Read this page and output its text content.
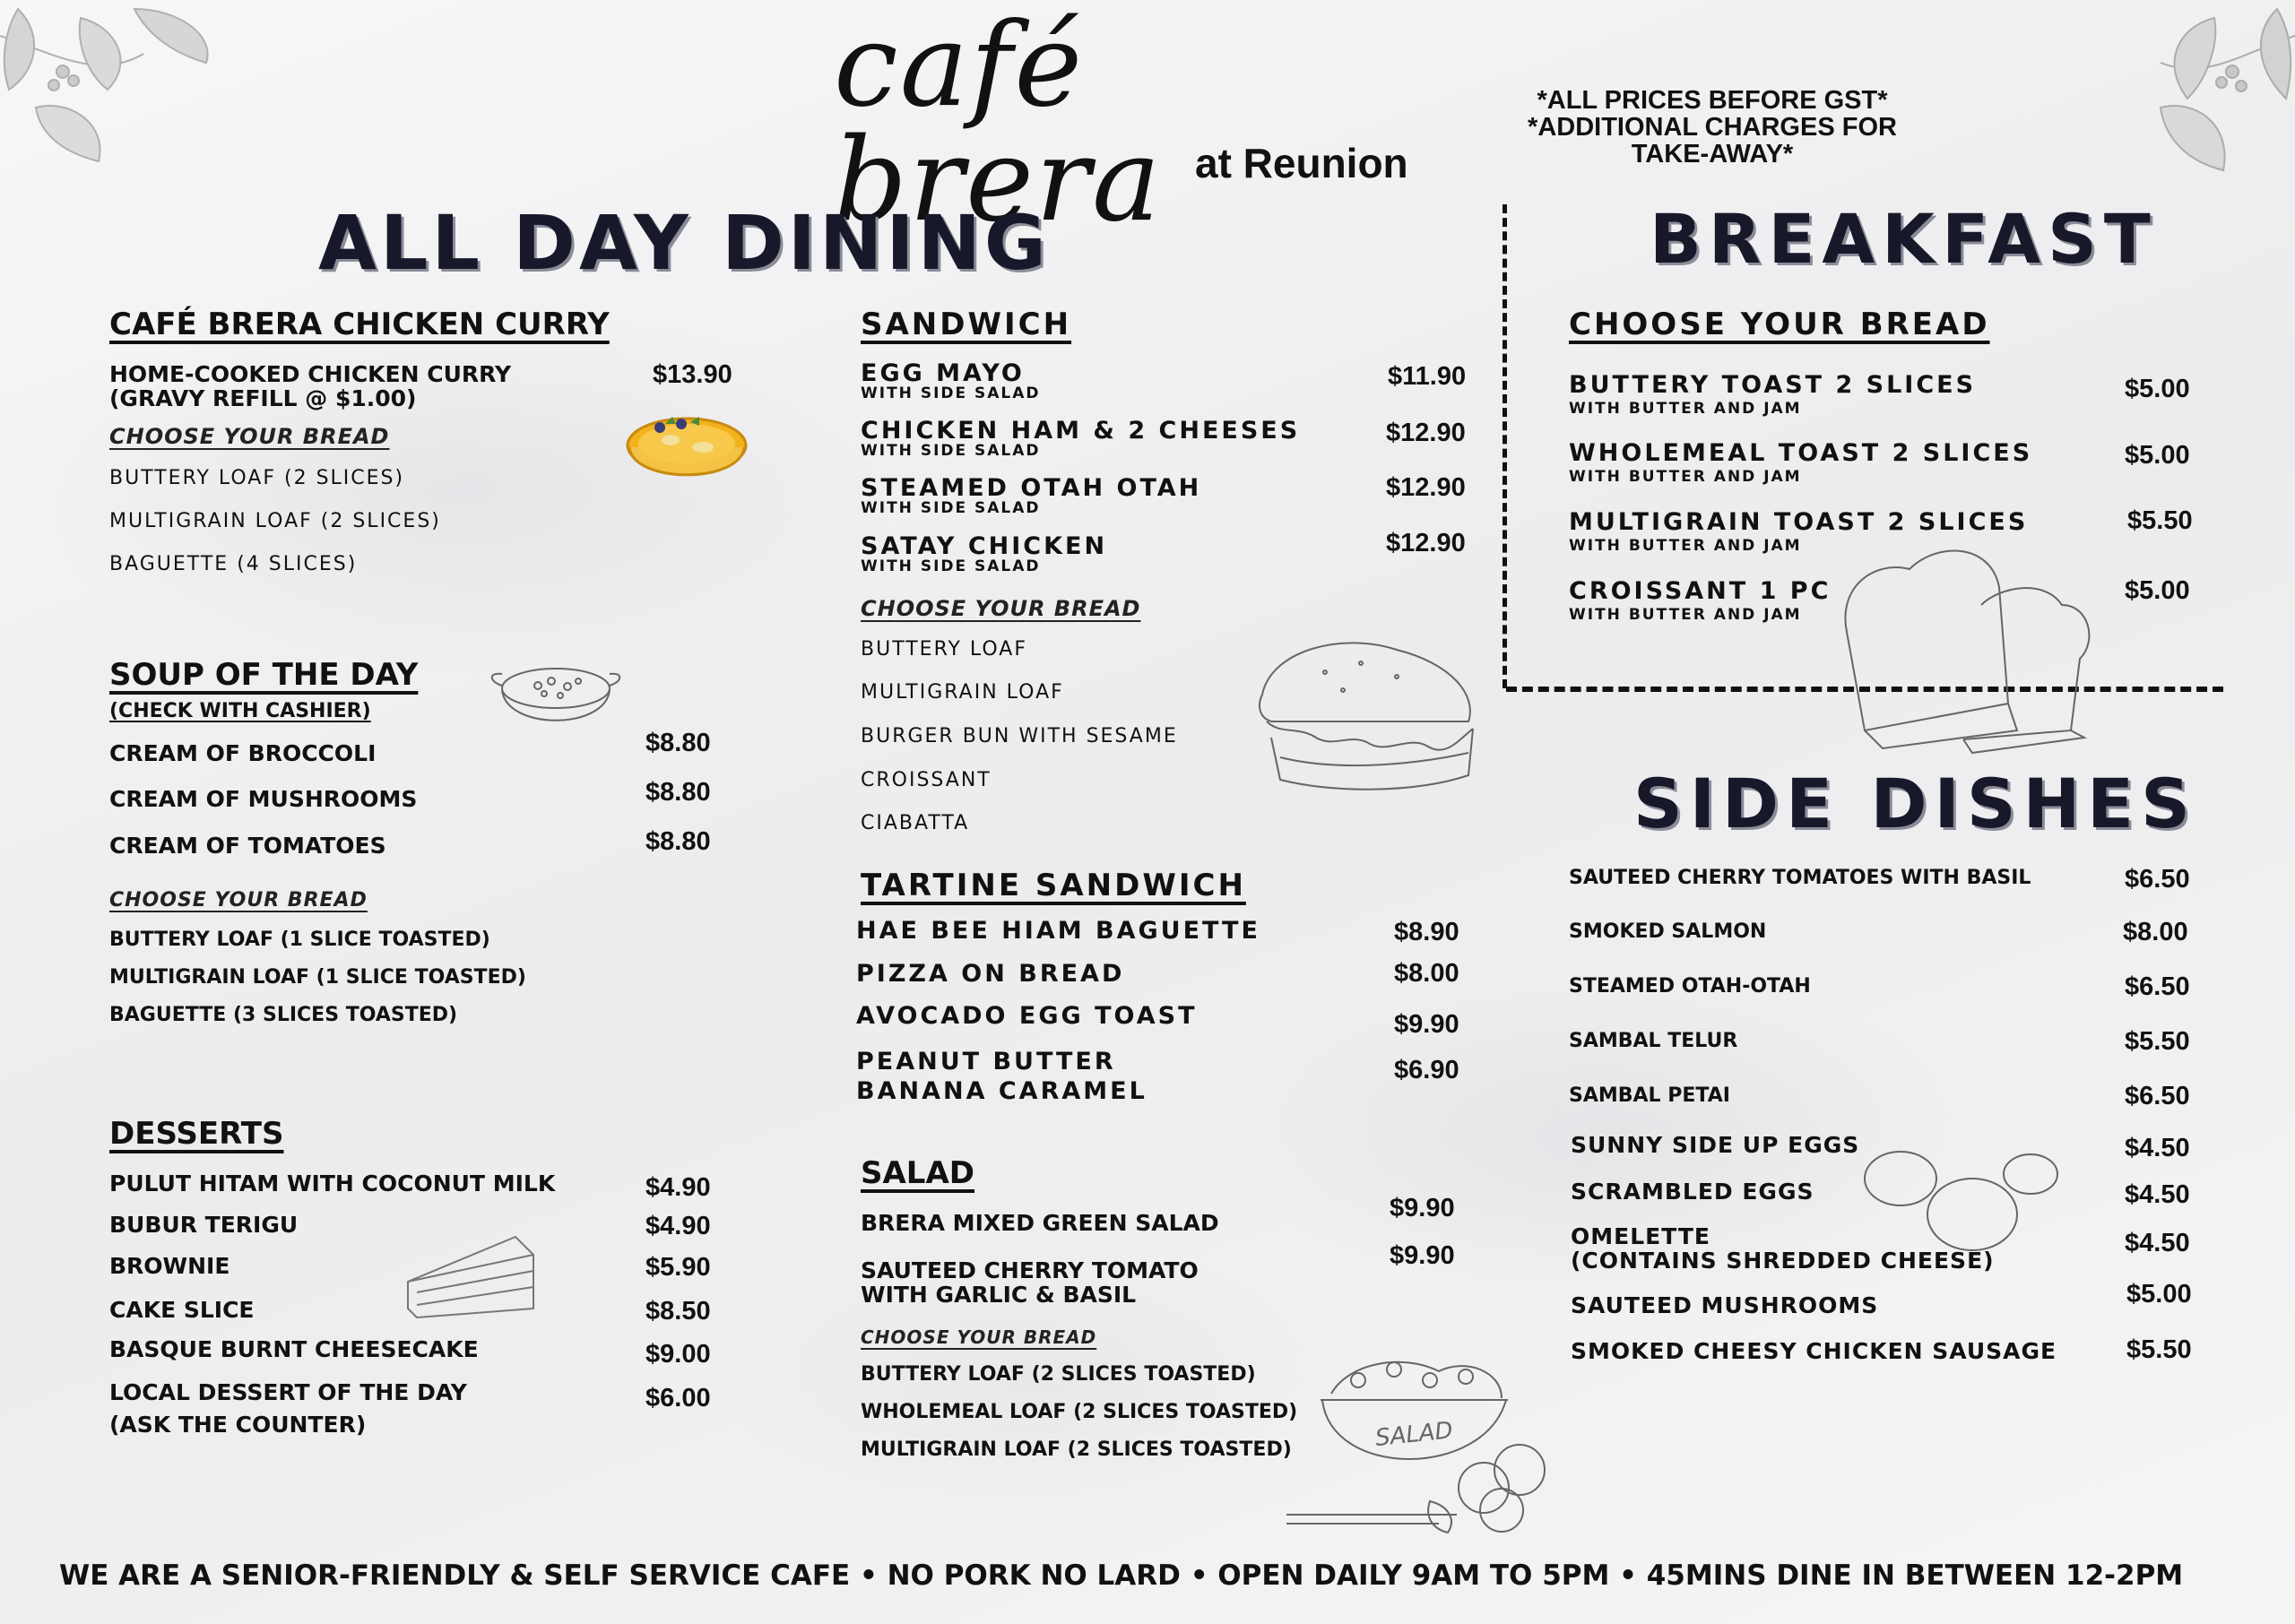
café brera at Reunion
*ALL PRICES BEFORE GST*
*ADDITIONAL CHARGES FOR TAKE-AWAY*
ALL DAY DINING	BREAKFAST
SIDE DISHES
CAFÉ BRERA CHICKEN CURRY
HOME-COOKED CHICKEN CURRY
(GRAVY REFILL @ $1.00)
$13.90
CHOOSE YOUR BREAD
BUTTERY LOAF (2 SLICES)
MULTIGRAIN LOAF (2 SLICES)
BAGUETTE (4 SLICES)
SOUP OF THE DAY
(CHECK WITH CASHIER)
CREAM OF BROCCOLI	$8.80
CREAM OF MUSHROOMS	$8.80
CREAM OF TOMATOES	$8.80
CHOOSE YOUR BREAD
BUTTERY LOAF (1 SLICE TOASTED)
MULTIGRAIN LOAF (1 SLICE TOASTED)
BAGUETTE (3 SLICES TOASTED)
DESSERTS
PULUT HITAM WITH COCONUT MILK	$4.90
BUBUR TERIGU	$4.90
BROWNIE	$5.90
CAKE SLICE	$8.50
BASQUE BURNT CHEESECAKE	$9.00
LOCAL DESSERT OF THE DAY
(ASK THE COUNTER)
$6.00
SANDWICH
EGG MAYO
WITH SIDE SALAD
$11.90
CHICKEN HAM & 2 CHEESES
WITH SIDE SALAD
$12.90
STEAMED OTAH OTAH
WITH SIDE SALAD
$12.90
SATAY CHICKEN
WITH SIDE SALAD
$12.90
CHOOSE YOUR BREAD
BUTTERY LOAF
MULTIGRAIN LOAF
BURGER BUN WITH SESAME
CROISSANT
CIABATTA
TARTINE SANDWICH
HAE BEE HIAM BAGUETTE	$8.90
PIZZA ON BREAD	$8.00
AVOCADO EGG TOAST	$9.90
PEANUT BUTTER
BANANA CARAMEL
$6.90
SALAD
BRERA MIXED GREEN SALAD
$9.90
SAUTEED CHERRY TOMATO
WITH GARLIC & BASIL
$9.90
CHOOSE YOUR BREAD
BUTTERY LOAF (2 SLICES TOASTED)
WHOLEMEAL LOAF (2 SLICES TOASTED)
MULTIGRAIN LOAF (2 SLICES TOASTED)	SALAD
CHOOSE YOUR BREAD
BUTTERY TOAST 2 SLICES
WITH BUTTER AND JAM
$5.00
WHOLEMEAL TOAST 2 SLICES
WITH BUTTER AND JAM
$5.00
MULTIGRAIN TOAST 2 SLICES
WITH BUTTER AND JAM
$5.50
CROISSANT 1 PC
WITH BUTTER AND JAM
$5.00
SAUTEED CHERRY TOMATOES WITH BASIL	$6.50
SMOKED SALMON	$8.00
STEAMED OTAH-OTAH	$6.50
SAMBAL TELUR	$5.50
SAMBAL PETAI	$6.50
SUNNY SIDE UP EGGS	$4.50
SCRAMBLED EGGS	$4.50
OMELETTE
(CONTAINS SHREDDED CHEESE)
$4.50
SAUTEED MUSHROOMS	$5.00
SMOKED CHEESY CHICKEN SAUSAGE	$5.50
WE ARE A SENIOR-FRIENDLY & SELF SERVICE CAFE • NO PORK NO LARD • OPEN DAILY 9AM TO 5PM • 45MINS DINE IN BETWEEN 12-2PM
